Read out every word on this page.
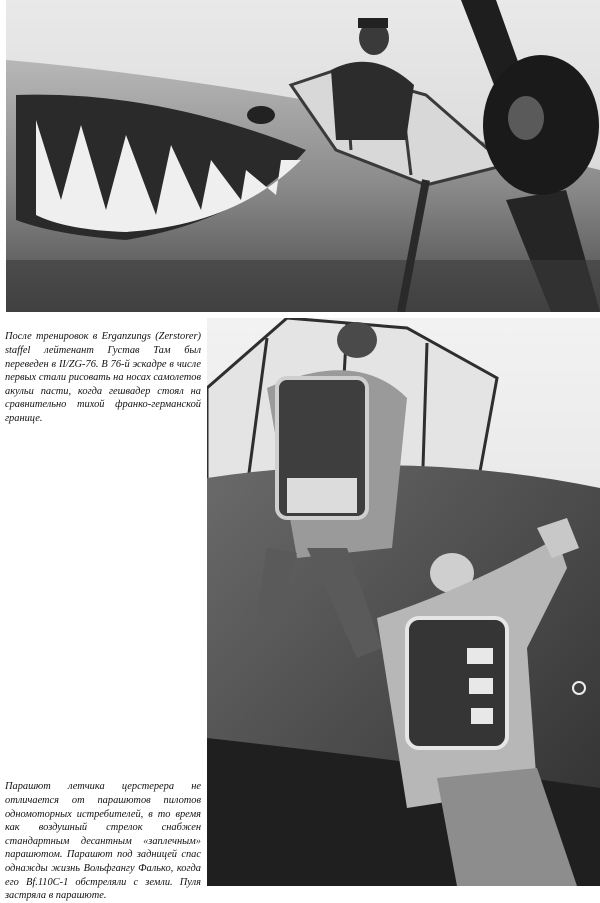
После тренировок в Erganzungs (Zerstorer) staffel лейтенант Густав Там был переведен в II/ZG-76. В 76-й эскадре в числе первых стали рисовать на носах самолетов акульи пасти, когда гешвадер стоял на сравнительно тихой франко-германской границе.

Парашют летчика церстерера не отличается от парашютов пилотов одномоторных истребителей, в то время как воздушный стрелок снабжен стандартным десантным «заплечным» парашютом. Парашют под задницей спас однажды жизнь Вольфгангу Фалько, когда его Bf.110C-1 обстреляли с земли. Пуля застряла в парашюте.
